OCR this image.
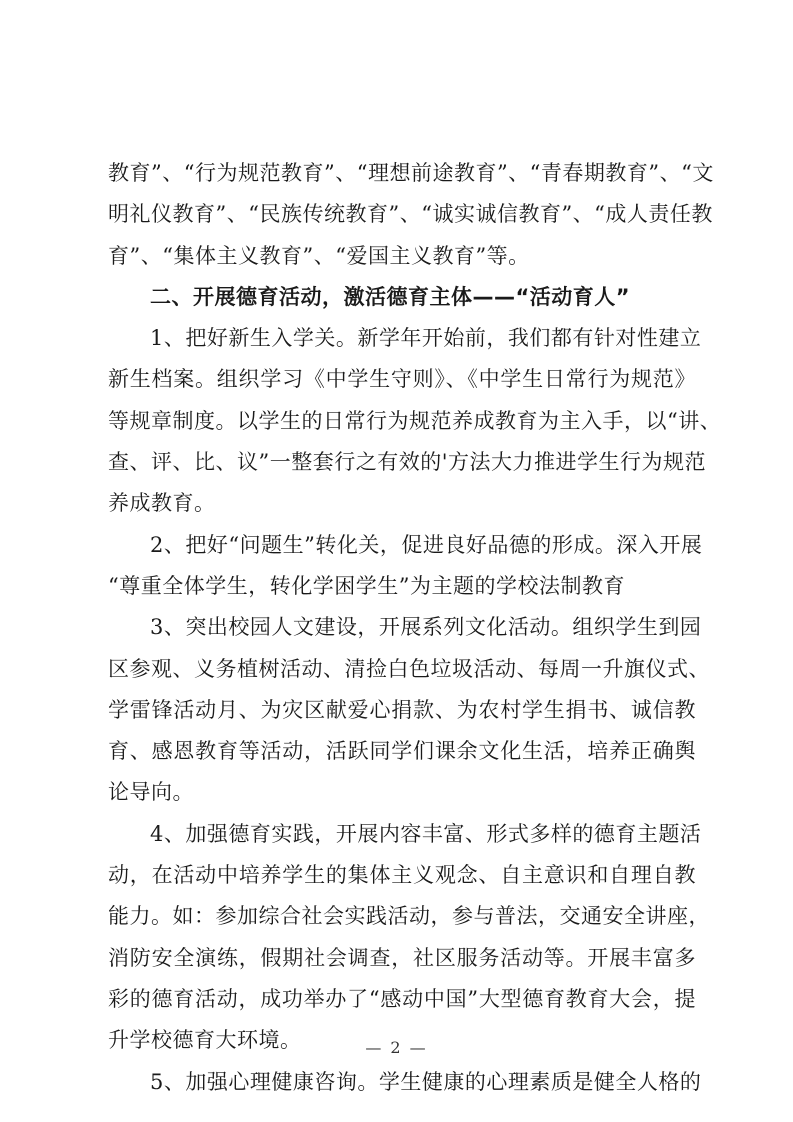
教育”、“行为规范教育”、“理想前途教育”、“青春期教育”、“文
明礼仪教育”、“民族传统教育”、“诚实诚信教育”、“成人责任教
育”、“集体主义教育”、“爱国主义教育”等。
二、开展德育活动，激活德育主体——“活动育人”
1、把好新生入学关。新学年开始前，我们都有针对性建立
新生档案。组织学习《中学生守则》、《中学生日常行为规范》
等规章制度。以学生的日常行为规范养成教育为主入手，以“讲、
查、评、比、议”一整套行之有效的'方法大力推进学生行为规范
养成教育。
2、把好“问题生”转化关，促进良好品德的形成。深入开展
“尊重全体学生，转化学困学生”为主题的学校法制教育
3、突出校园人文建设，开展系列文化活动。组织学生到园
区参观、义务植树活动、清捡白色垃圾活动、每周一升旗仪式、
学雷锋活动月、为灾区献爱心捐款、为农村学生捐书、诚信教
育、感恩教育等活动，活跃同学们课余文化生活，培养正确舆
论导向。
4、加强德育实践，开展内容丰富、形式多样的德育主题活
动，在活动中培养学生的集体主义观念、自主意识和自理自教
能力。如：参加综合社会实践活动，参与普法，交通安全讲座，
消防安全演练，假期社会调查，社区服务活动等。开展丰富多
彩的德育活动，成功举办了“感动中国”大型德育教育大会，提
升学校德育大环境。
5、加强心理健康咨询。学生健康的心理素质是健全人格的
— 2 —
